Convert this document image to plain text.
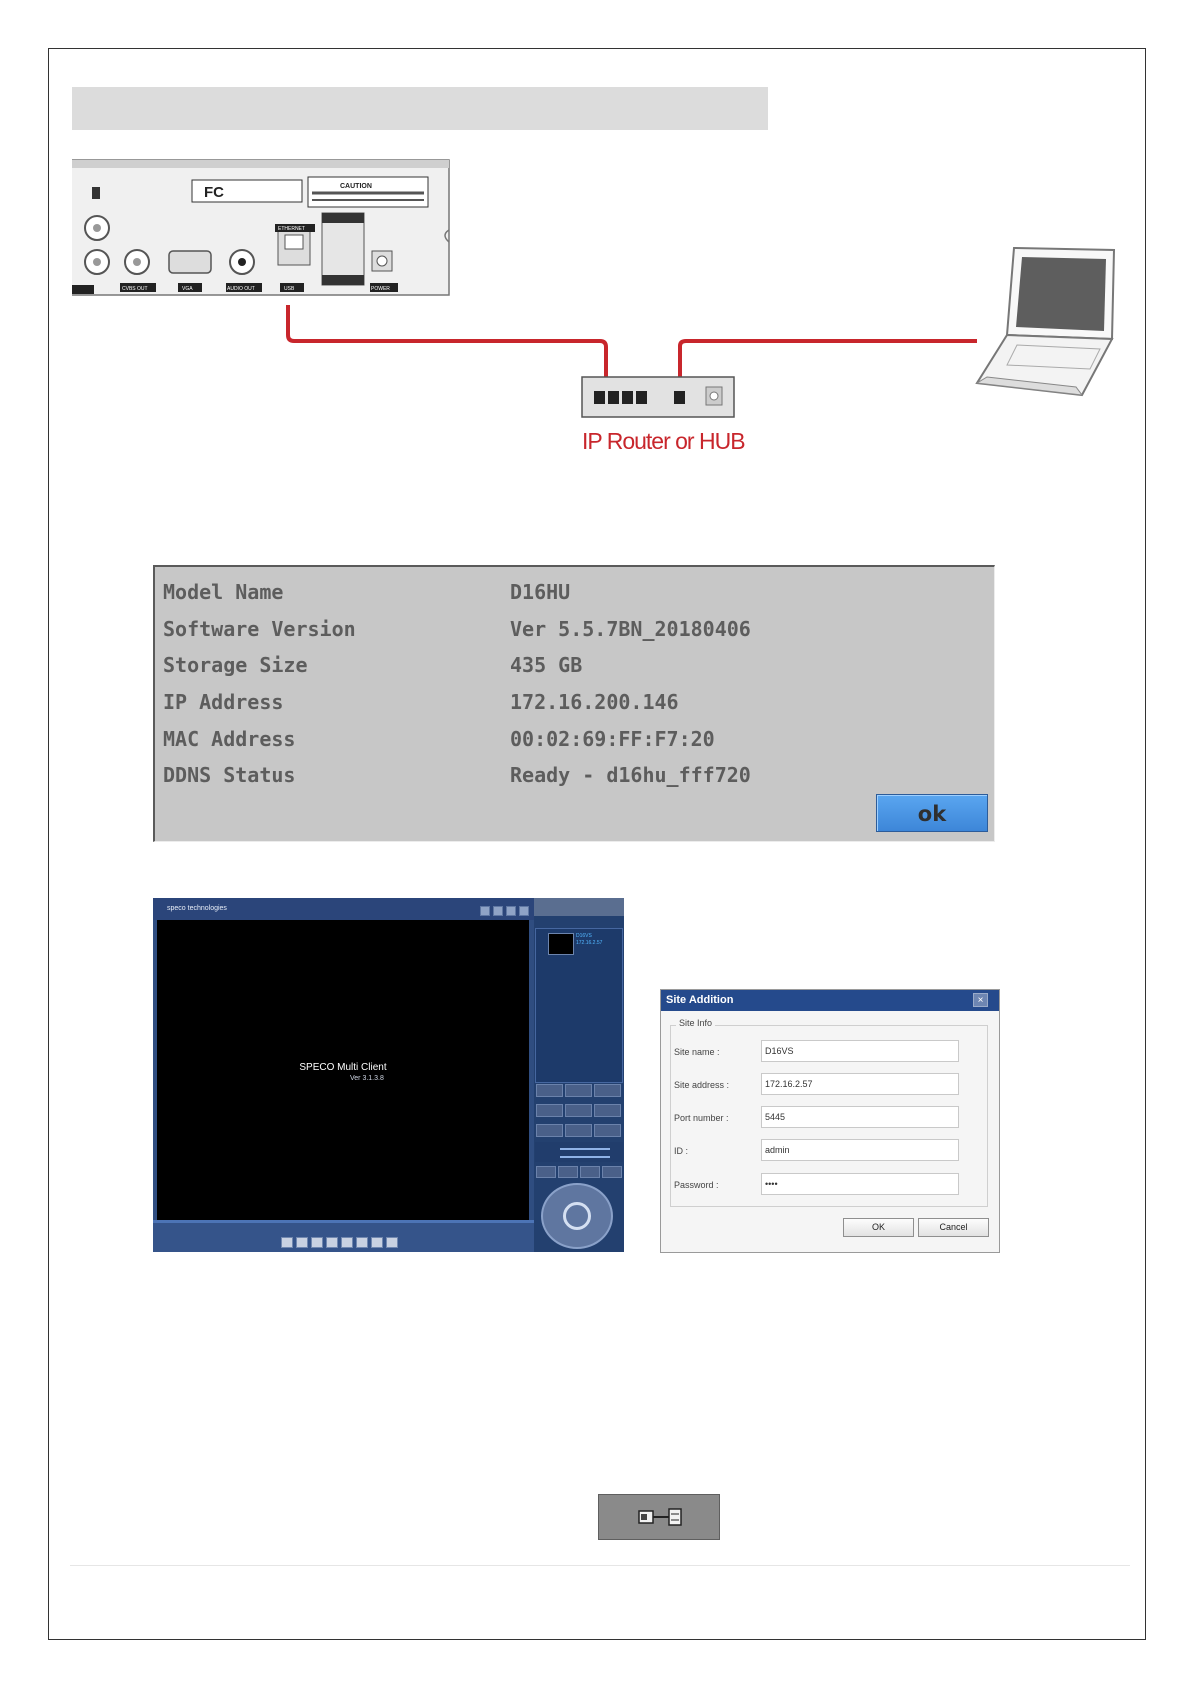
FC	CAUTION
ETHERNET
CVBS OUT	VGA	AUDIO OUT	USB	POWER
IP Router or HUB
Model Name	D16HU
Software Version	Ver 5.5.7BN_20180406
Storage Size	435 GB
IP Address	172.16.200.146
MAC Address	00:02:69:FF:F7:20
DDNS Status	Ready - d16hu_fff720
ok
speco technologies
SPECO Multi Client
Ver 3.1.3.8
D16VS
172.16.2.57

Site Addition	×
Site Info
Site name :	D16VS
Site address :	172.16.2.57
Port number :	5445
ID :	admin
Password :	••••
OK	Cancel
